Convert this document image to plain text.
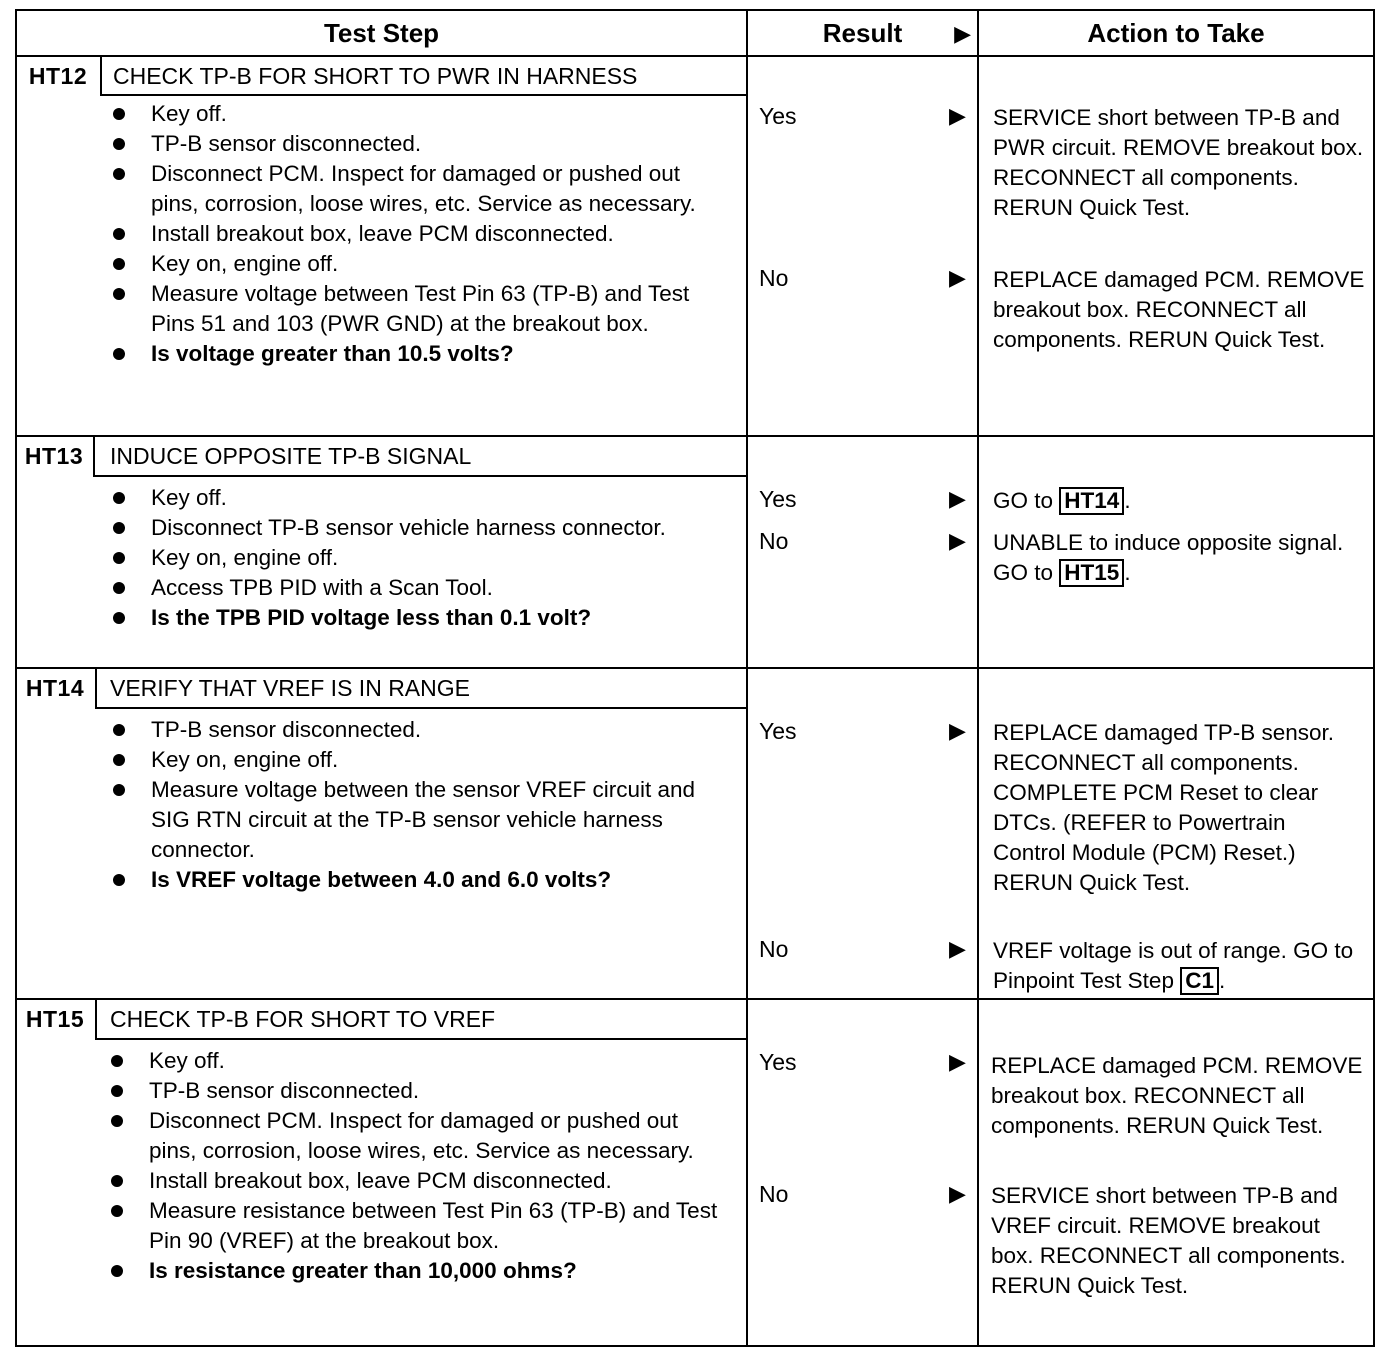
Test Step	Result ▶	Action to Take
HT12	CHECK TP-B FOR SHORT TO PWR IN HARNESS
Key off.
TP-B sensor disconnected.
Disconnect PCM. Inspect for damaged or pushed out pins, corrosion, loose wires, etc. Service as necessary.
Install breakout box, leave PCM disconnected.
Key on, engine off.
Measure voltage between Test Pin 63 (TP-B) and Test Pins 51 and 103 (PWR GND) at the breakout box.
Is voltage greater than 10.5 volts?
Yes	▶ SERVICE short between TP-B and PWR circuit. REMOVE breakout box. RECONNECT all components. RERUN Quick Test.
No	▶ REPLACE damaged PCM. REMOVE breakout box. RECONNECT all components. RERUN Quick Test.
HT13	INDUCE OPPOSITE TP-B SIGNAL
Key off.
Disconnect TP-B sensor vehicle harness connector.
Key on, engine off.
Access TPB PID with a Scan Tool.
Is the TPB PID voltage less than 0.1 volt?
Yes	▶ GO to HT14 .
No	▶ UNABLE to induce opposite signal. GO to HT15 .
HT14	VERIFY THAT VREF IS IN RANGE
TP-B sensor disconnected.
Key on, engine off.
Measure voltage between the sensor VREF circuit and SIG RTN circuit at the TP-B sensor vehicle harness connector.
Is VREF voltage between 4.0 and 6.0 volts?
Yes	▶ REPLACE damaged TP-B sensor. RECONNECT all components. COMPLETE PCM Reset to clear DTCs. (REFER to Powertrain
Control Module (PCM) Reset.) RERUN Quick Test.
No	▶ VREF voltage is out of range. GO to Pinpoint Test Step C1 .
HT15	CHECK TP-B FOR SHORT TO VREF
Key off.
TP-B sensor disconnected.
Disconnect PCM. Inspect for damaged or pushed out pins, corrosion, loose wires, etc. Service as necessary.
Install breakout box, leave PCM disconnected.
Measure resistance between Test Pin 63 (TP-B) and Test Pin 90 (VREF) at the breakout box.
Is resistance greater than 10,000 ohms?
Yes	▶ REPLACE damaged PCM. REMOVE breakout box. RECONNECT all components. RERUN Quick Test.
No	▶ SERVICE short between TP-B and VREF circuit. REMOVE breakout box. RECONNECT all components. RERUN Quick Test.
